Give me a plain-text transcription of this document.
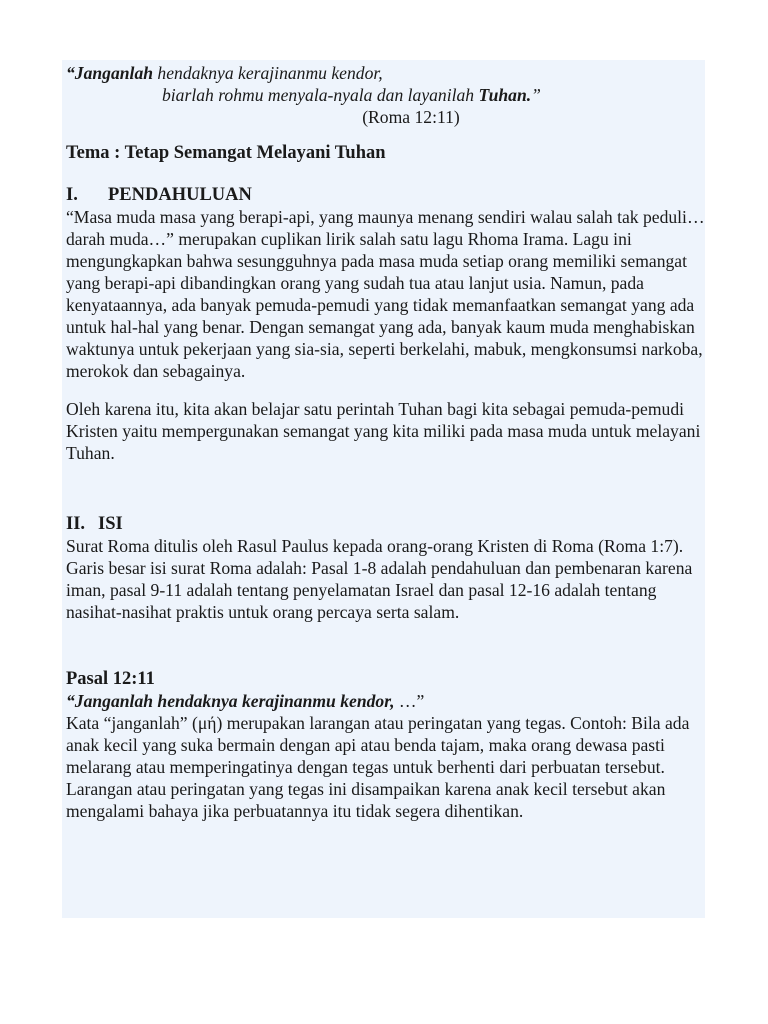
“Janganlah hendaknya kerajinanmu kendor,

biarlah rohmu menyala-nyala dan layanilah Tuhan.”

(Roma 12:11)

Tema : Tetap Semangat Melayani Tuhan

I. PENDAHULUAN

“Masa muda masa yang berapi-api, yang maunya menang sendiri walau salah tak peduli… darah muda…” merupakan cuplikan lirik salah satu lagu Rhoma Irama. Lagu ini mengungkapkan bahwa sesungguhnya pada masa muda setiap orang memiliki semangat yang berapi-api dibandingkan orang yang sudah tua atau lanjut usia. Namun, pada kenyataannya, ada banyak pemuda-pemudi yang tidak memanfaatkan semangat yang ada untuk hal-hal yang benar. Dengan semangat yang ada, banyak kaum muda menghabiskan waktunya untuk pekerjaan yang sia-sia, seperti berkelahi, mabuk, mengkonsumsi narkoba, merokok dan sebagainya.

Oleh karena itu, kita akan belajar satu perintah Tuhan bagi kita sebagai pemuda-pemudi Kristen yaitu mempergunakan semangat yang kita miliki pada masa muda untuk melayani Tuhan.

II. ISI

Surat Roma ditulis oleh Rasul Paulus kepada orang-orang Kristen di Roma (Roma 1:7). Garis besar isi surat Roma adalah: Pasal 1-8 adalah pendahuluan dan pembenaran karena iman, pasal 9-11 adalah tentang penyelamatan Israel dan pasal 12-16 adalah tentang nasihat-nasihat praktis untuk orang percaya serta salam.

Pasal 12:11

“Janganlah hendaknya kerajinanmu kendor, …”

Kata “janganlah” (μή) merupakan larangan atau peringatan yang tegas. Contoh: Bila ada anak kecil yang suka bermain dengan api atau benda tajam, maka orang dewasa pasti melarang atau memperingatinya dengan tegas untuk berhenti dari perbuatan tersebut. Larangan atau peringatan yang tegas ini disampaikan karena anak kecil tersebut akan mengalami bahaya jika perbuatannya itu tidak segera dihentikan.
